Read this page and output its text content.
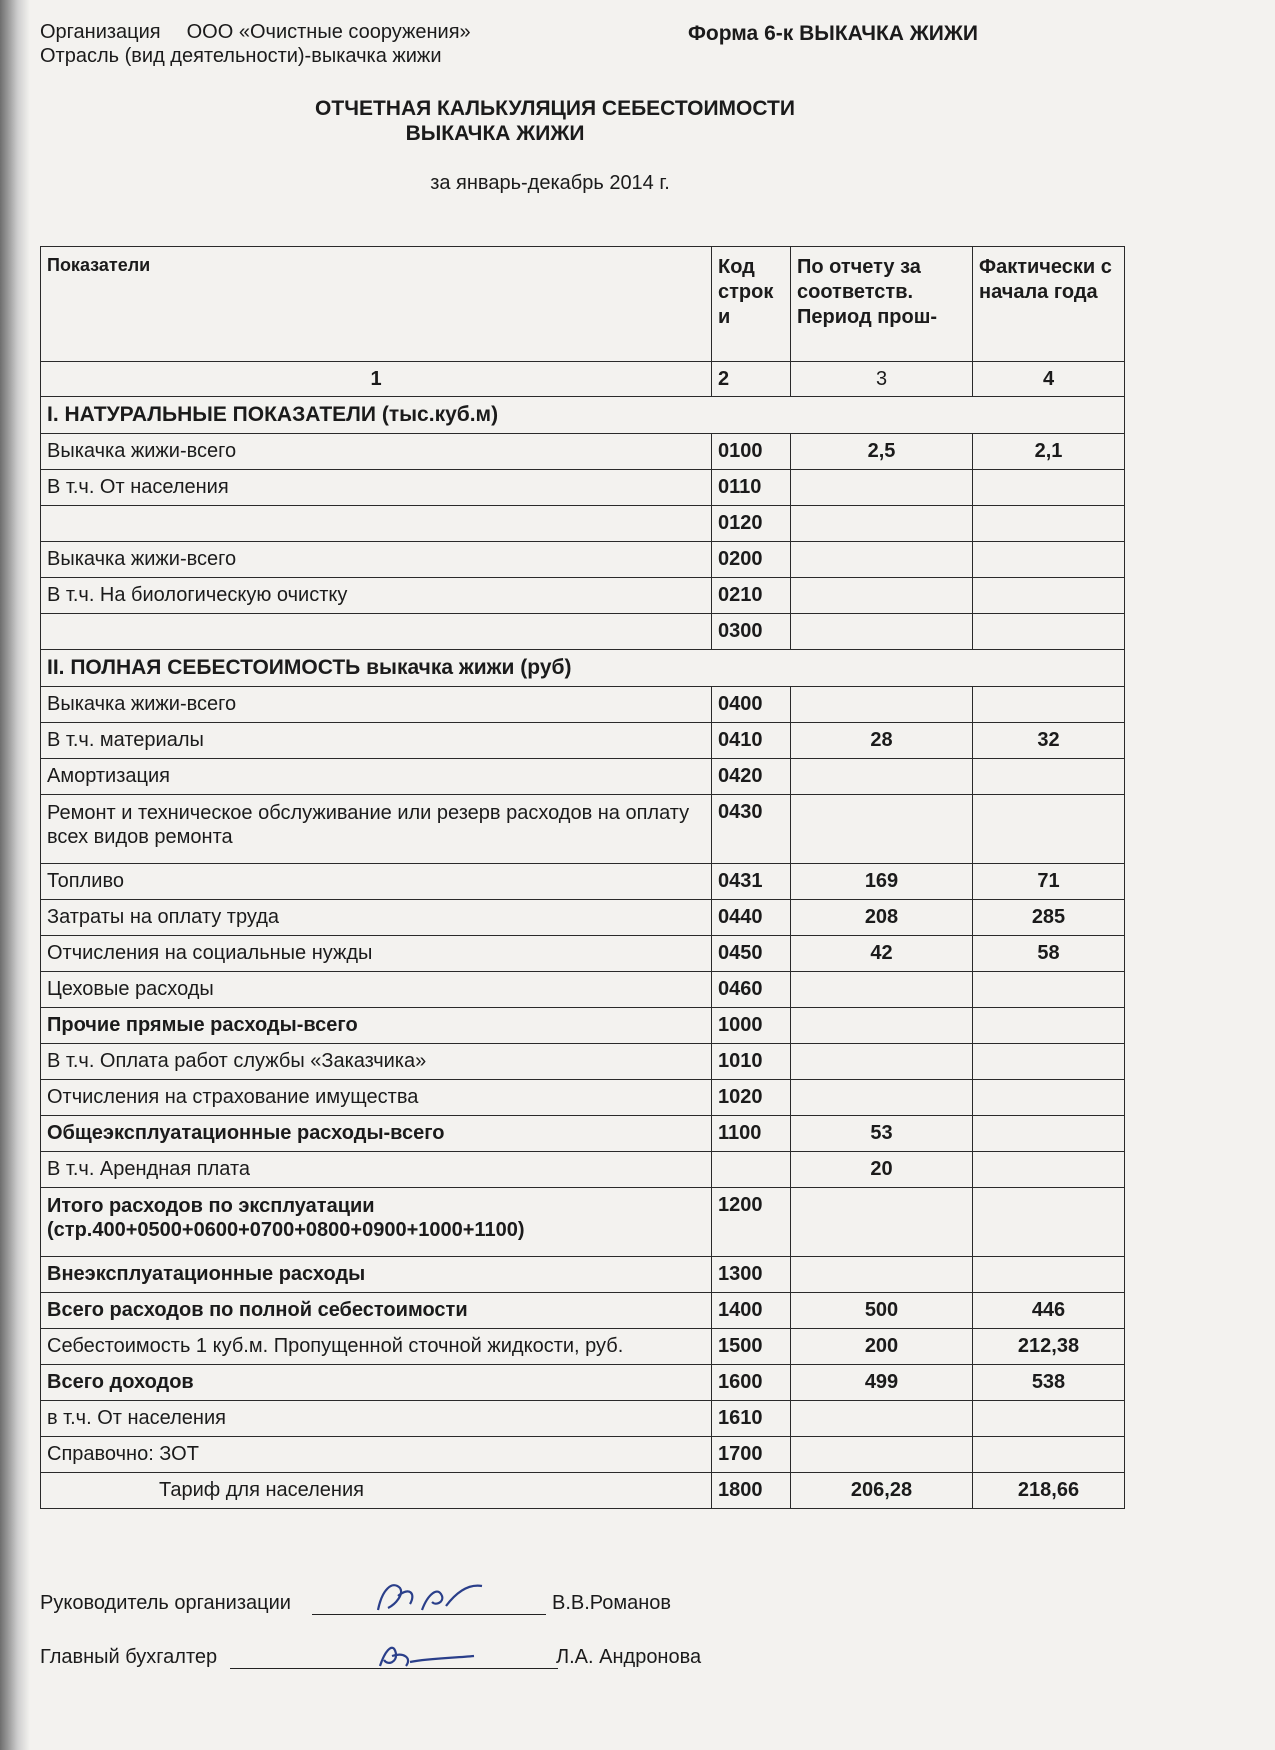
Организация ООО «Очистные сооружения»
Отрасль (вид деятельности)-выкачка жижи
Форма 6-к ВЫКАЧКА ЖИЖИ
ОТЧЕТНАЯ КАЛЬКУЛЯЦИЯ СЕБЕСТОИМОСТИ
ВЫКАЧКА ЖИЖИ
за январь-декабрь 2014 г.
Показатели	Код строк и	По отчету за соответств. Период прош-	Фактически с начала года
1	2	3	4
I. НАТУРАЛЬНЫЕ ПОКАЗАТЕЛИ (тыс.куб.м)			
Выкачка жижи-всего	0100	2,5	2,1
В т.ч. От населения	0110		
	0120		
Выкачка жижи-всего	0200		
В т.ч. На биологическую очистку	0210		
	0300		
II. ПОЛНАЯ СЕБЕСТОИМОСТЬ выкачка жижи (руб)			
Выкачка жижи-всего	0400		
В т.ч. материалы	0410	28	32
Амортизация	0420		
Ремонт и техническое обслуживание или резерв расходов на оплату всех видов ремонта	0430		
Топливо	0431	169	71
Затраты на оплату труда	0440	208	285
Отчисления на социальные нужды	0450	42	58
Цеховые расходы	0460		
Прочие прямые расходы-всего	1000		
В т.ч. Оплата работ службы «Заказчика»	1010		
Отчисления на страхование имущества	1020		
Общеэксплуатационные расходы-всего	1100	53	
В т.ч. Арендная плата		20	
Итого расходов по эксплуатации (стр.400+0500+0600+0700+0800+0900+1000+1100)	1200		
Внеэксплуатационные расходы	1300		
Всего расходов по полной себестоимости	1400	500	446
Себестоимость 1 куб.м. Пропущенной сточной жидкости, руб.	1500	200	212,38
Всего доходов	1600	499	538
в т.ч. От населения	1610		
Справочно: ЗОТ	1700		
Тариф для населения	1800	206,28	218,66
Руководитель организации	В.В.Романов
Главный бухгалтер	Л.А. Андронова
